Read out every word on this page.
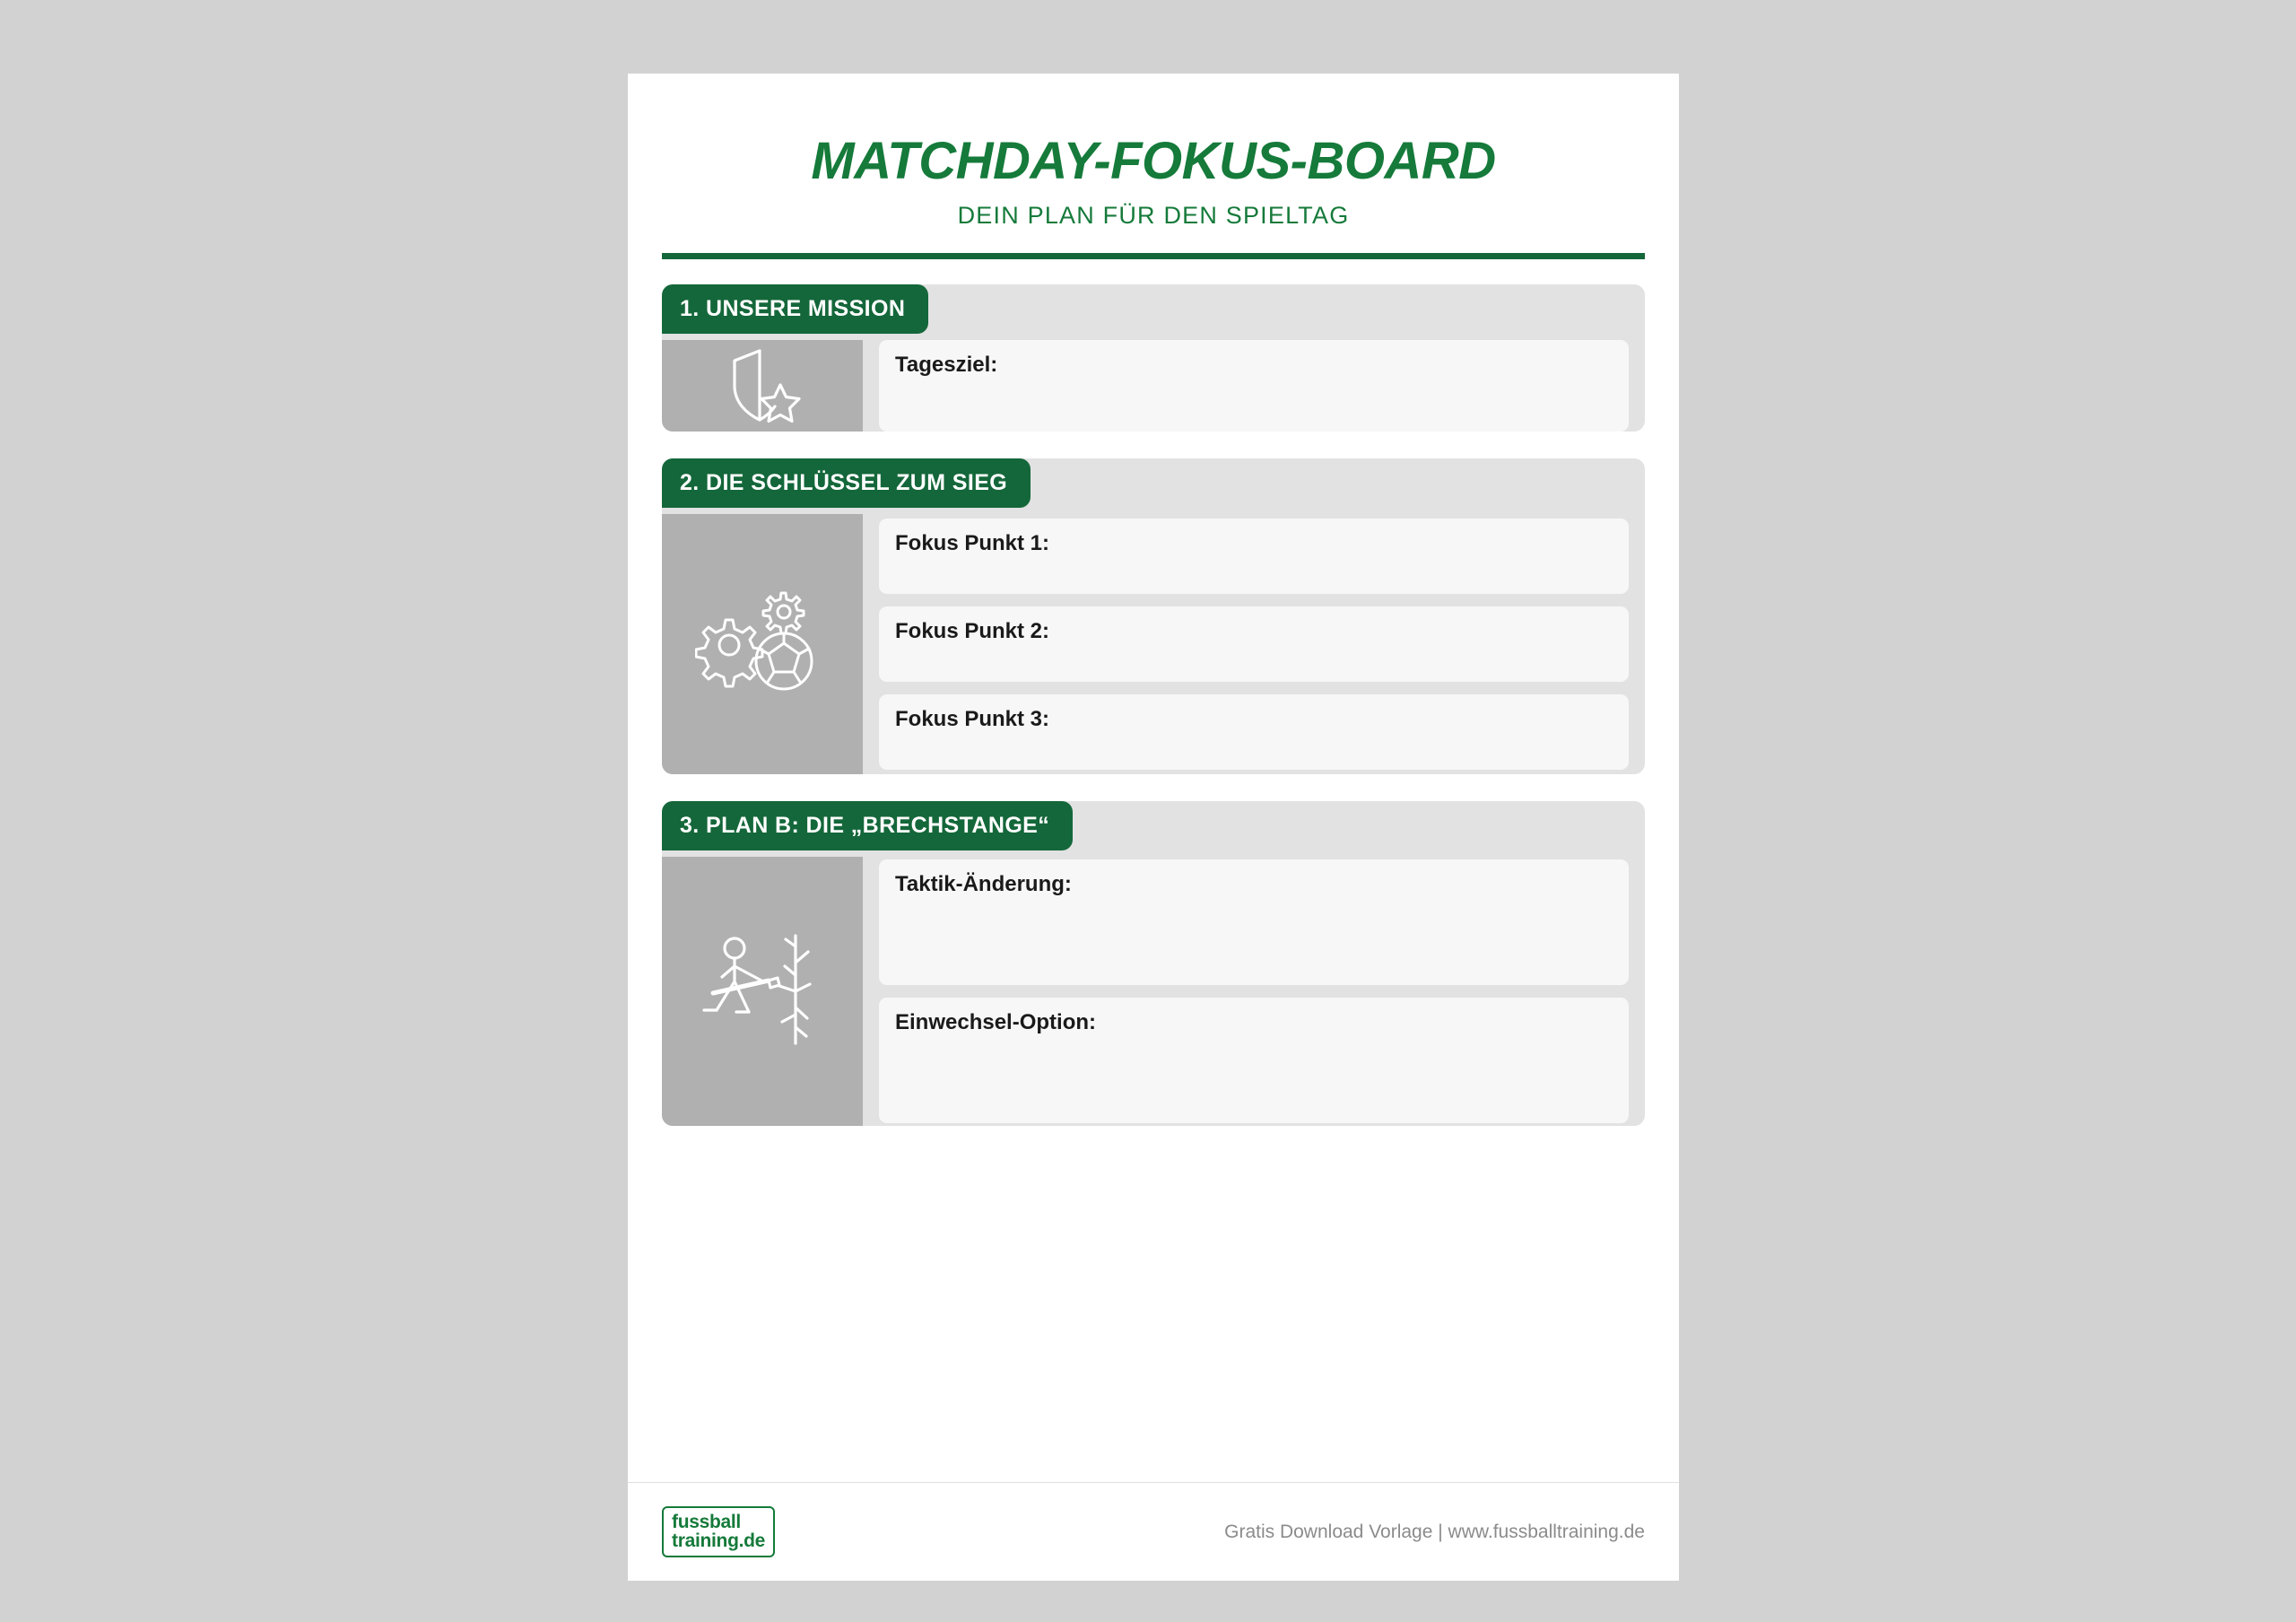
MATCHDAY-FOKUS-BOARD

DEIN PLAN FÜR DEN SPIELTAG

1. UNSERE MISSION
Tagesziel:
2. DIE SCHLÜSSEL ZUM SIEG
Fokus Punkt 1:
Fokus Punkt 2:
Fokus Punkt 3:
3. PLAN B: DIE „BRECHSTANGE“
Taktik-Änderung:
Einwechsel-Option:
fussball
training.de	Gratis Download Vorlage | www.fussballtraining.de
